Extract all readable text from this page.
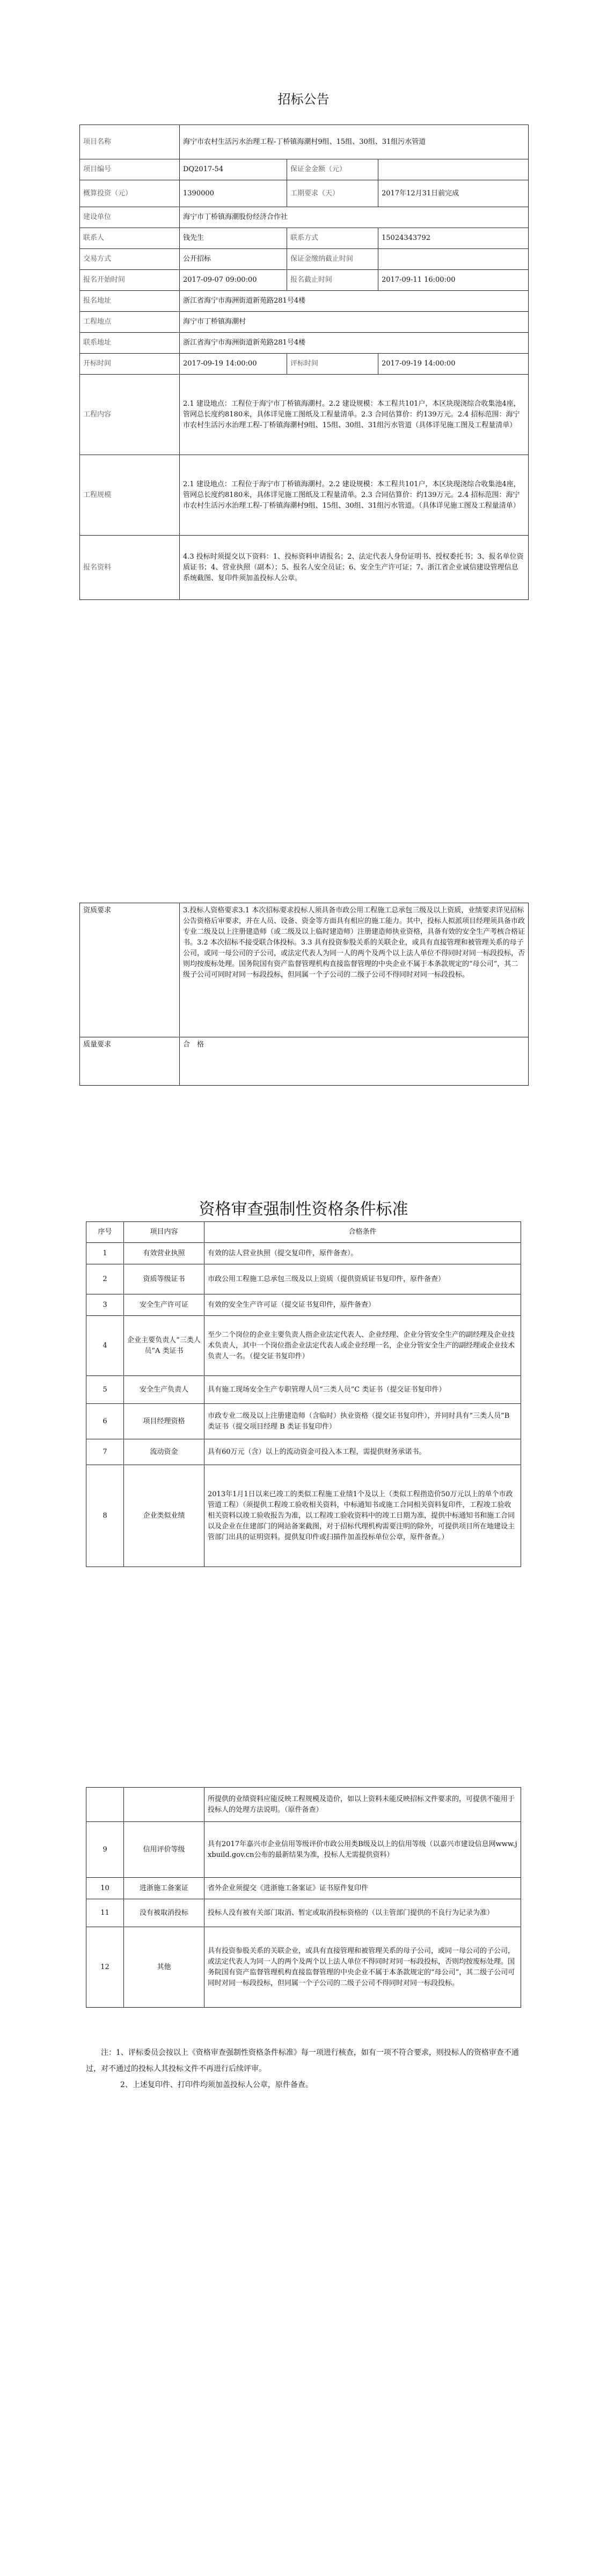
招标公告
项目名称	海宁市农村生活污水治理工程-丁桥镇海潮村9组、15组、30组、31组污水管道		
项目编号	DQ2017-54	保证金金额（元）	
概算投资（元）	1390000	工期要求（天）	2017年12月31日前完成
建设单位	海宁市丁桥镇海潮股份经济合作社		
联系人	钱先生	联系方式	15024343792
交易方式	公开招标	保证金缴纳截止时间	
报名开始时间	2017-09-07 09:00:00	报名截止时间	2017-09-11 16:00:00
报名地址	浙江省海宁市海洲街道新苑路281号4楼		
工程地点	海宁市丁桥镇海潮村		
联系地址	浙江省海宁市海洲街道新苑路281号4楼		
开标时间	2017-09-19 14:00:00	评标时间	2017-09-19 14:00:00
工程内容	2.1 建设地点：工程位于海宁市丁桥镇海潮村。2.2 建设规模：本工程共101户，本区块现浇综合收集池4座，管网总长度约8180米，具体详见施工图纸及工程量清单。2.3 合同估算价：约139万元。2.4 招标范围：海宁市农村生活污水治理工程-丁桥镇海潮村9组、15组、30组、31组污水管道（具体详见施工图及工程量清单）		
工程规模	2.1 建设地点：工程位于海宁市丁桥镇海潮村。2.2 建设规模：本工程共101户，本区块现浇综合收集池4座，管网总长度约8180米，具体详见施工图纸及工程量清单。2.3 合同估算价：约139万元。2.4 招标范围：海宁市农村生活污水治理工程-丁桥镇海潮村9组、15组、30组、31组污水管道。（具体详见施工图及工程量清单）		
报名资料	4.3 投标时须提交以下资料：1、投标资料申请报名；2、法定代表人身份证明书、授权委托书；3、报名单位资质证书；4、营业执照（副本）；5、报名人安全员证；6、安全生产许可证；7、浙江省企业诚信建设管理信息系统截图、复印件须加盖投标人公章。		
资质要求	3.投标人资格要求3.1 本次招标要求投标人须具备市政公用工程施工总承包三级及以上资质，业绩要求详见招标公告资格后审要求，并在人员、设备、资金等方面具有相应的施工能力。其中，投标人拟派项目经理须具备市政专业二级及以上注册建造师（或二级及以上临时建造师）注册建造师执业资格，具备有效的安全生产考核合格证书。3.2 本次招标不接受联合体投标。3.3 具有投资参股关系的关联企业，或具有直接管理和被管理关系的母子公司，或同一母公司的子公司，或法定代表人为同一人的两个及两个以上法人单位不得同时对同一标段投标，否则均按废标处理。国务院国有资产监督管理机构直接监督管理的中央企业不属于本条款规定的“母公司”，其二级子公司可同时对同一标段投标，但同属一个子公司的二级子公司不得同时对同一标段投标。
质量要求	合　格
资格审查强制性资格条件标准
序号	项目内容	合格条件
1	有效营业执照	有效的法人营业执照（提交复印件，原件备查）。
2	资质等级证书	市政公用工程施工总承包三级及以上资质（提供资质证书复印件，原件备查）
3	安全生产许可证	有效的安全生产许可证（提交证书复印件，原件备查）
4	企业主要负责人“三类人员”A 类证书	至少二个岗位的企业主要负责人指企业法定代表人、企业经理、企业分管安全生产的副经理及企业技术负责人，其中一个岗位指企业法定代表人或企业经理一名，企业分管安全生产的副经理或企业技术负责人一名。（提交证书复印件）
5	安全生产负责人	具有施工现场安全生产专职管理人员“三类人员”C 类证书（提交证书复印件）
6	项目经理资格	市政专业二级及以上注册建造师（含临时）执业资格（提交证书复印件），并同时具有“三类人员”B 类证书（提交项目经理 B 类证书复印件）
7	流动资金	具有60万元（含）以上的流动资金可投入本工程，需提供财务承诺书。
8	企业类似业绩	2013年1月1日以来已竣工的类似工程施工业绩1个及以上（类似工程指造价50万元以上的单个市政管道工程）（须提供工程竣工验收相关资料，中标通知书或施工合同相关资料复印件，工程竣工验收相关资料以竣工验收报告为准，以工程竣工验收资料中的竣工日期为准，提供中标通知书和施工合同以及企业在住建部门的网站备案截图，对于招标代理机构需要注明的除外，可提供项目所在地建设主管部门出具的证明资料。提供复印件或扫描件加盖投标单位公章，原件备查。）
		所提供的业绩资料应能反映工程规模及造价，如以上资料未能反映招标文件要求的，可提供不能用于投标人的处理方法说明。（原件备查）
9	信用评价等级	具有2017年嘉兴市企业信用等级评价市政公用类B级及以上的信用等级（以嘉兴市建设信息网www.jxbuild.gov.cn公布的最新结果为准，投标人无需提供资料）
10	进浙施工备案证	省外企业须提交《进浙施工备案证》证书原件复印件
11	没有被取消投标	投标人没有被有关部门取消、暂定或取消投标资格的（以主管部门提供的不良行为记录为准）
12	其他	具有投资参股关系的关联企业，或具有直接管理和被管理关系的母子公司，或同一母公司的子公司，或法定代表人为同一人的两个及两个以上法人单位不得同时对同一标段投标，否则均按废标处理。国务院国有资产监督管理机构直接监督管理的中央企业不属于本条款规定的“母公司”，其二级子公司可同时对同一标段投标，但同属一个子公司的二级子公司不得同时对同一标段投标。
注：1、评标委员会按以上《资格审查强制性资格条件标准》每一项进行核查，如有一项不符合要求，则投标人的资格审查不通过，对不通过的投标人其投标文件不再进行后续评审。
2、上述复印件、打印件均须加盖投标人公章，原件备查。
